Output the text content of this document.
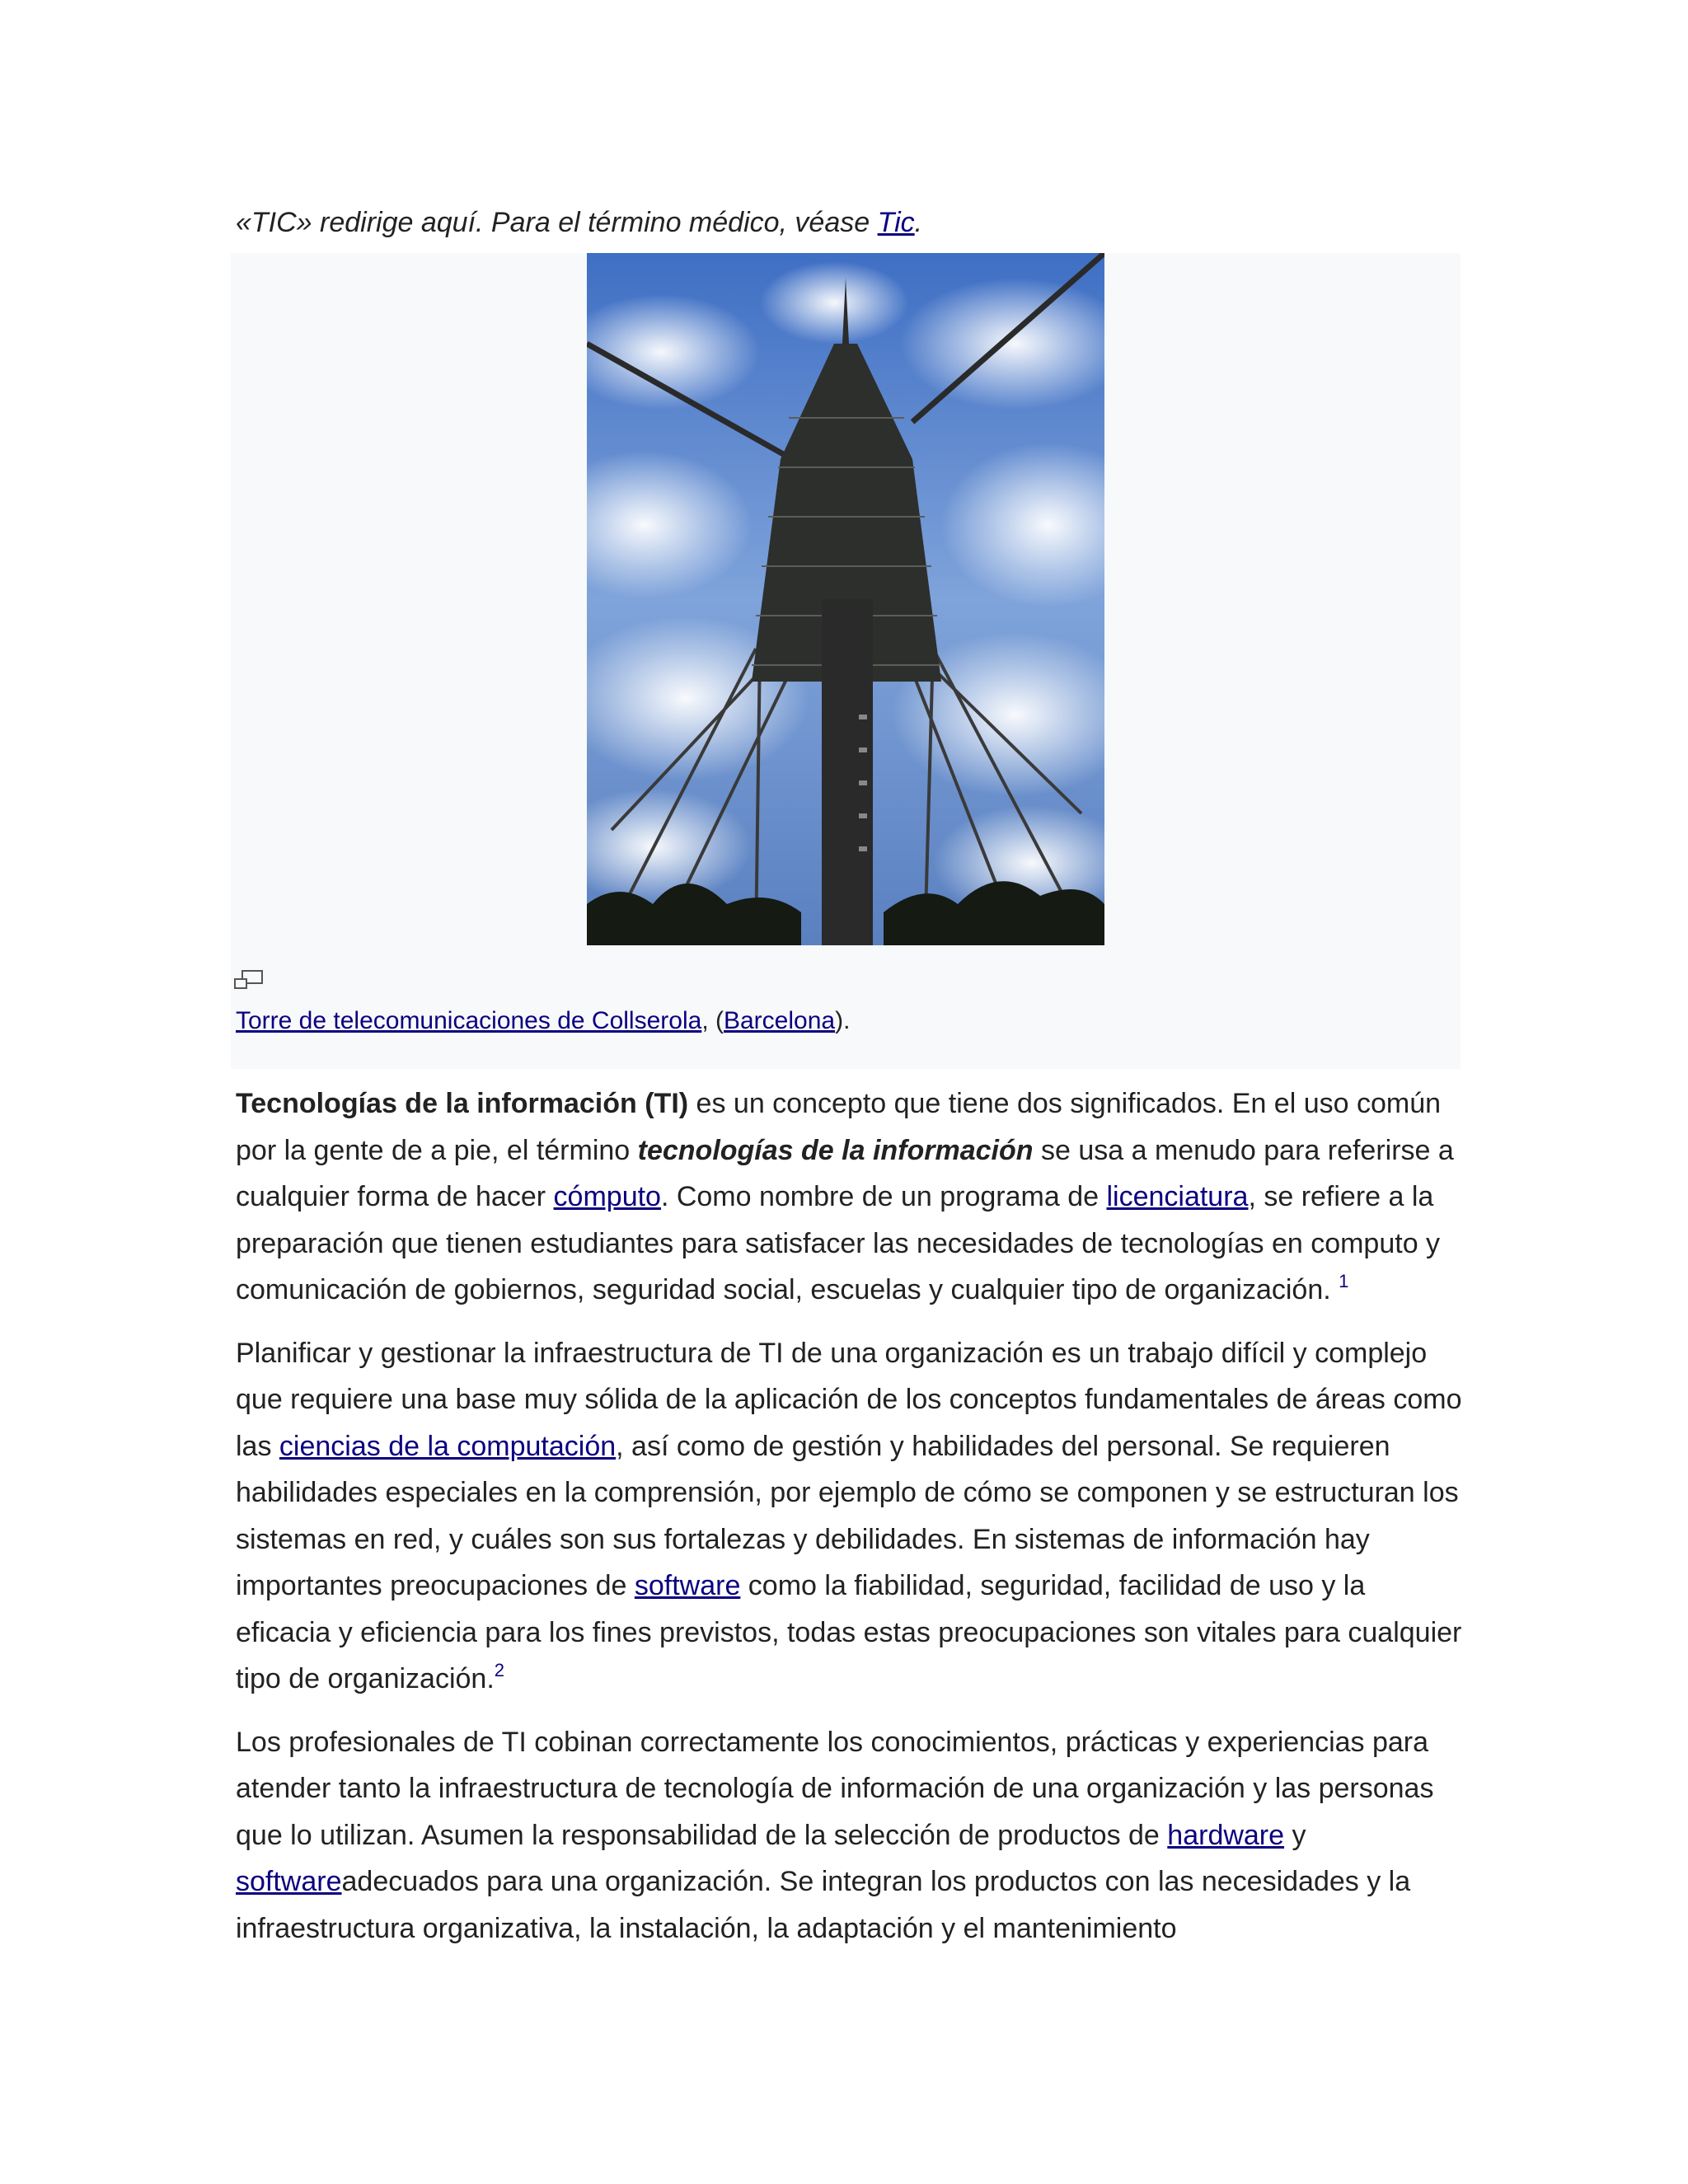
«TIC» redirige aquí. Para el término médico, véase Tic.

Torre de telecomunicaciones de Collserola, (Barcelona).

Tecnologías de la información (TI) es un concepto que tiene dos significados. En el uso común por la gente de a pie, el término tecnologías de la información se usa a menudo para referirse a cualquier forma de hacer cómputo. Como nombre de un programa de licenciatura, se refiere a la preparación que tienen estudiantes para satisfacer las necesidades de tecnologías en computo y comunicación de gobiernos, seguridad social, escuelas y cualquier tipo de organización. $^1$

Planificar y gestionar la infraestructura de TI de una organización es un trabajo difícil y complejo que requiere una base muy sólida de la aplicación de los conceptos fundamentales de áreas como las ciencias de la computación, así como de gestión y habilidades del personal. Se requieren habilidades especiales en la comprensión, por ejemplo de cómo se componen y se estructuran los sistemas en red, y cuáles son sus fortalezas y debilidades. En sistemas de información hay importantes preocupaciones de software como la fiabilidad, seguridad, facilidad de uso y la eficacia y eficiencia para los fines previstos, todas estas preocupaciones son vitales para cualquier tipo de organización.$^2$

Los profesionales de TI cobinan correctamente los conocimientos, prácticas y experiencias para atender tanto la infraestructura de tecnología de información de una organización y las personas que lo utilizan. Asumen la responsabilidad de la selección de productos de hardware y softwareadecuados para una organización. Se integran los productos con las necesidades y la infraestructura organizativa, la instalación, la adaptación y el mantenimiento
